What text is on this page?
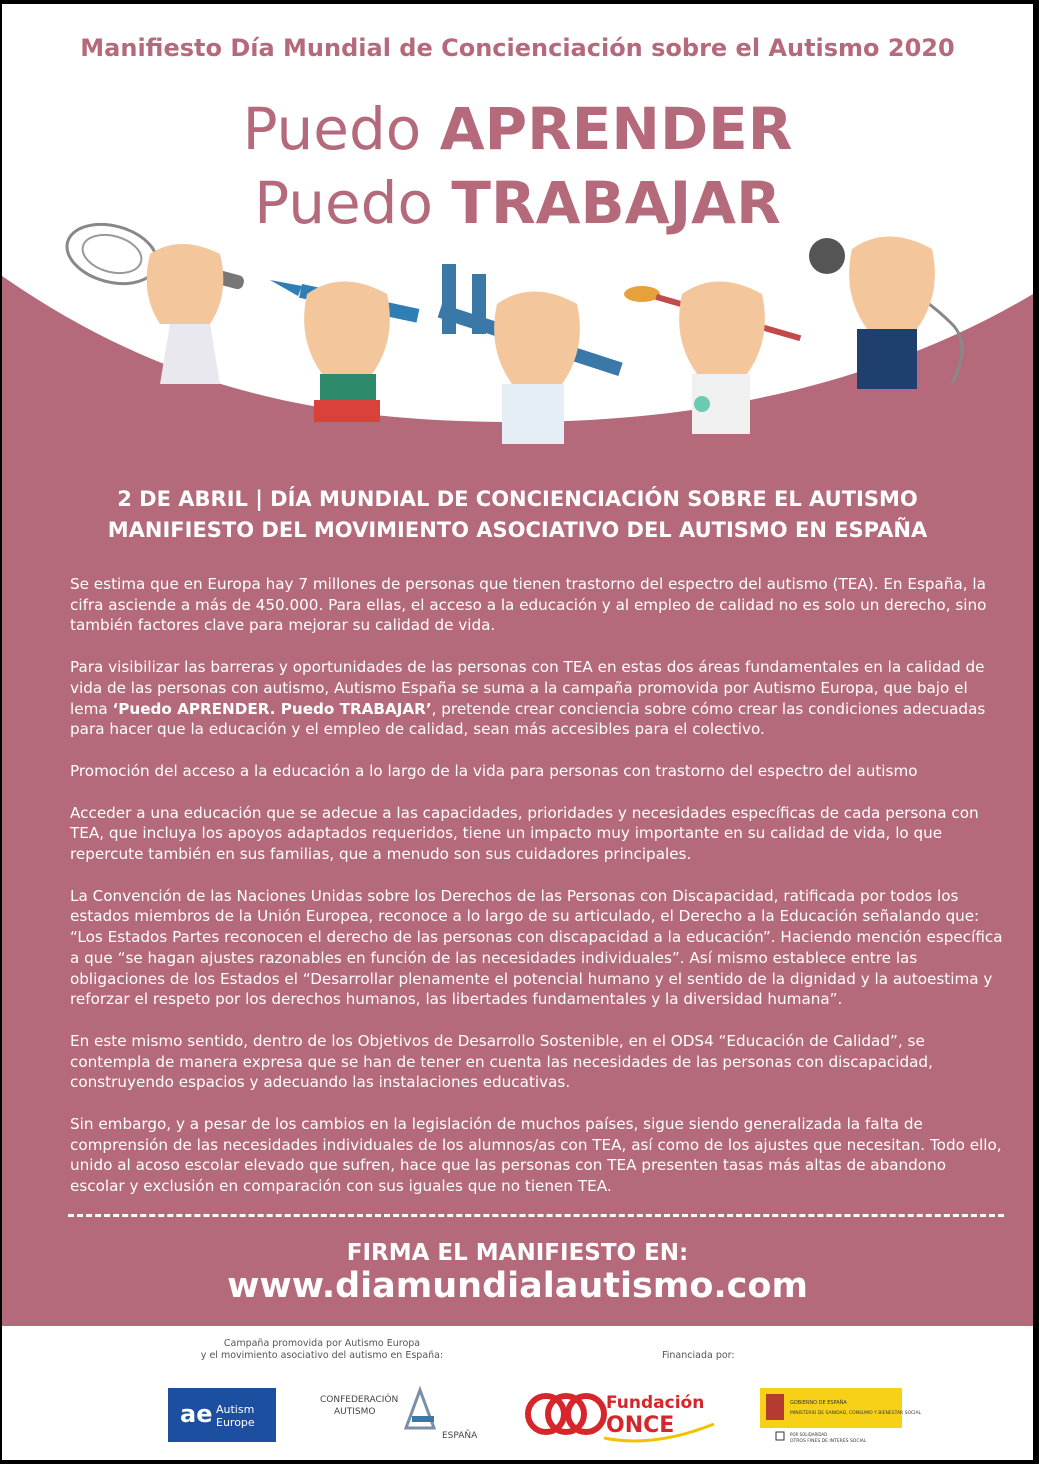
Manifiesto Día Mundial de Concienciación sobre el Autismo 2020
Puedo APRENDER
Puedo TRABAJAR
2 DE ABRIL | DÍA MUNDIAL DE CONCIENCIACIÓN SOBRE EL AUTISMO
MANIFIESTO DEL MOVIMIENTO ASOCIATIVO DEL AUTISMO EN ESPAÑA

Se estima que en Europa hay 7 millones de personas que tienen trastorno del espectro del autismo (TEA). En España, la cifra asciende a más de 450.000. Para ellas, el acceso a la educación y al empleo de calidad no es solo un derecho, sino también factores clave para mejorar su calidad de vida.

Para visibilizar las barreras y oportunidades de las personas con TEA en estas dos áreas fundamentales en la calidad de vida de las personas con autismo, Autismo España se suma a la campaña promovida por Autismo Europa, que bajo el lema ‘Puedo APRENDER. Puedo TRABAJAR’, pretende crear conciencia sobre cómo crear las condiciones adecuadas para hacer que la educación y el empleo de calidad, sean más accesibles para el colectivo.

Promoción del acceso a la educación a lo largo de la vida para personas con trastorno del espectro del autismo

Acceder a una educación que se adecue a las capacidades, prioridades y necesidades específicas de cada persona con TEA, que incluya los apoyos adaptados requeridos, tiene un impacto muy importante en su calidad de vida, lo que repercute también en sus familias, que a menudo son sus cuidadores principales.

La Convención de las Naciones Unidas sobre los Derechos de las Personas con Discapacidad, ratificada por todos los estados miembros de la Unión Europea, reconoce a lo largo de su articulado, el Derecho a la Educación señalando que: “Los Estados Partes reconocen el derecho de las personas con discapacidad a la educación”. Haciendo mención específica a que “se hagan ajustes razonables en función de las necesidades individuales”. Así mismo establece entre las obligaciones de los Estados el “Desarrollar plenamente el potencial humano y el sentido de la dignidad y la autoestima y reforzar el respeto por los derechos humanos, las libertades fundamentales y la diversidad humana”.

En este mismo sentido, dentro de los Objetivos de Desarrollo Sostenible, en el ODS4 “Educación de Calidad”, se contempla de manera expresa que se han de tener en cuenta las necesidades de las personas con discapacidad, construyendo espacios y adecuando las instalaciones educativas.

Sin embargo, y a pesar de los cambios en la legislación de muchos países, sigue siendo generalizada la falta de comprensión de las necesidades individuales de los alumnos/as con TEA, así como de los ajustes que necesitan. Todo ello, unido al acoso escolar elevado que sufren, hace que las personas con TEA presenten tasas más altas de abandono escolar y exclusión en comparación con sus iguales que no tienen TEA.

FIRMA EL MANIFIESTO EN:
www.diamundialautismo.com
Campaña promovida por Autismo Europa
y el movimiento asociativo del autismo en España:	Financiada por:
ae Autism
Europe
CONFEDERACIÓN
AUTISMO
ESPAÑA
Fundación
ONCE
GOBIERNO DE ESPAÑA
MINISTERIO DE SANIDAD, CONSUMO Y BIENESTAR SOCIAL
POR SOLIDARIDAD
OTROS FINES DE INTERÉS SOCIAL
